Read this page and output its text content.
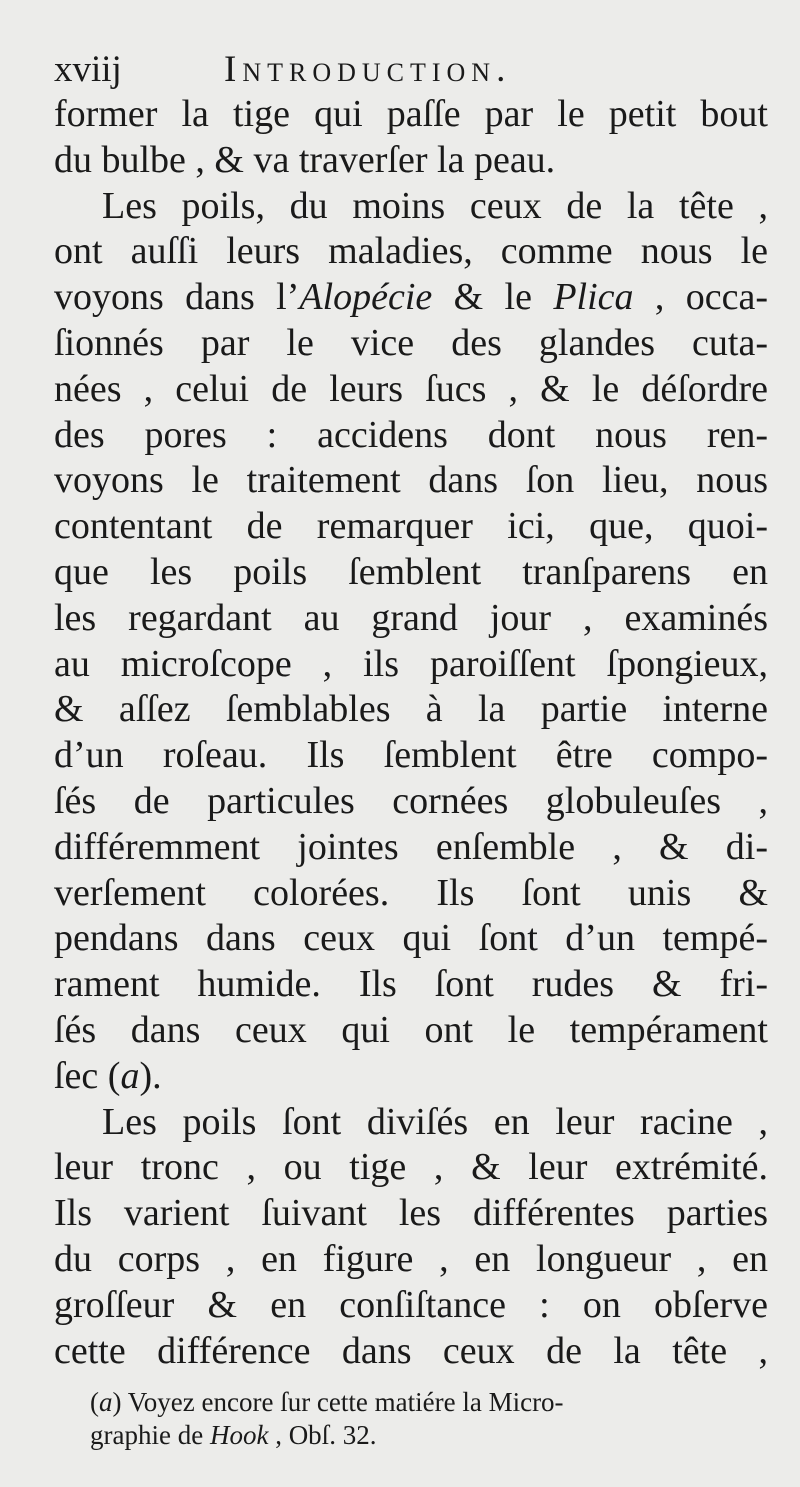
xviij	Introduction.
former la tige qui paſſe par le petit bout
du bulbe , & va traverſer la peau.
Les poils, du moins ceux de la tête ,
ont auſſi leurs maladies, comme nous le
voyons dans l’Alopécie & le Plica , occa-
ſionnés par le vice des glandes cuta-
nées , celui de leurs ſucs , & le déſordre
des pores : accidens dont nous ren-
voyons le traitement dans ſon lieu, nous
contentant de remarquer ici, que, quoi-
que les poils ſemblent tranſparens en
les regardant au grand jour , examinés
au microſcope , ils paroiſſent ſpongieux,
& aſſez ſemblables à la partie interne
d’un roſeau. Ils ſemblent être compo-
ſés de particules cornées globuleuſes ,
différemment jointes enſemble , & di-
verſement colorées. Ils ſont unis &
pendans dans ceux qui ſont d’un tempé-
rament humide. Ils ſont rudes & fri-
ſés dans ceux qui ont le tempérament
ſec (a).
Les poils ſont diviſés en leur racine ,
leur tronc , ou tige , & leur extrémité.
Ils varient ſuivant les différentes parties
du corps , en figure , en longueur , en
groſſeur & en conſiſtance : on obſerve
cette différence dans ceux de la tête ,
(a) Voyez encore ſur cette matiére la Micro-
graphie de Hook , Obſ. 32.
